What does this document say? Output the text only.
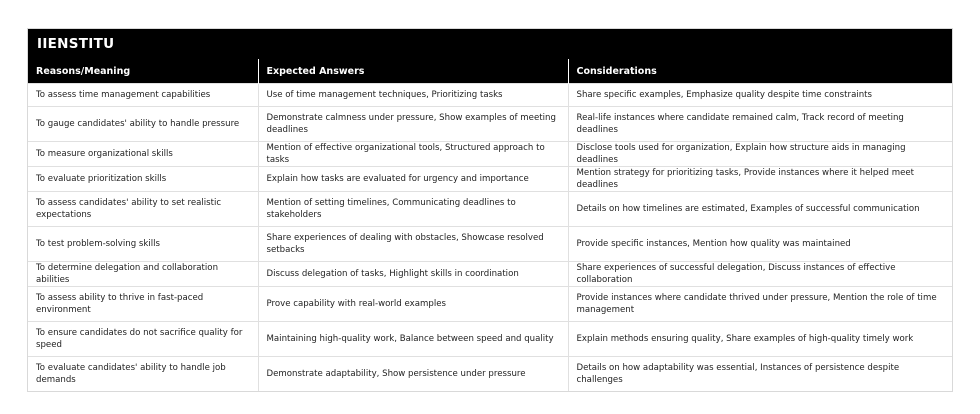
IIENSTITU
Reasons/Meaning	Expected Answers	Considerations
To assess time management capabilities	Use of time management techniques, Prioritizing tasks	Share specific examples, Emphasize quality despite time constraints
To gauge candidates' ability to handle pressure	Demonstrate calmness under pressure, Show examples of meeting deadlines	Real-life instances where candidate remained calm, Track record of meeting deadlines
To measure organizational skills	Mention of effective organizational tools, Structured approach to tasks	Disclose tools used for organization, Explain how structure aids in managing deadlines
To evaluate prioritization skills	Explain how tasks are evaluated for urgency and importance	Mention strategy for prioritizing tasks, Provide instances where it helped meet deadlines
To assess candidates' ability to set realistic expectations	Mention of setting timelines, Communicating deadlines to stakeholders	Details on how timelines are estimated, Examples of successful communication
To test problem-solving skills	Share experiences of dealing with obstacles, Showcase resolved setbacks	Provide specific instances, Mention how quality was maintained
To determine delegation and collaboration abilities	Discuss delegation of tasks, Highlight skills in coordination	Share experiences of successful delegation, Discuss instances of effective collaboration
To assess ability to thrive in fast-paced environment	Prove capability with real-world examples	Provide instances where candidate thrived under pressure, Mention the role of time management
To ensure candidates do not sacrifice quality for speed	Maintaining high-quality work, Balance between speed and quality	Explain methods ensuring quality, Share examples of high-quality timely work
To evaluate candidates' ability to handle job demands	Demonstrate adaptability, Show persistence under pressure	Details on how adaptability was essential, Instances of persistence despite challenges
